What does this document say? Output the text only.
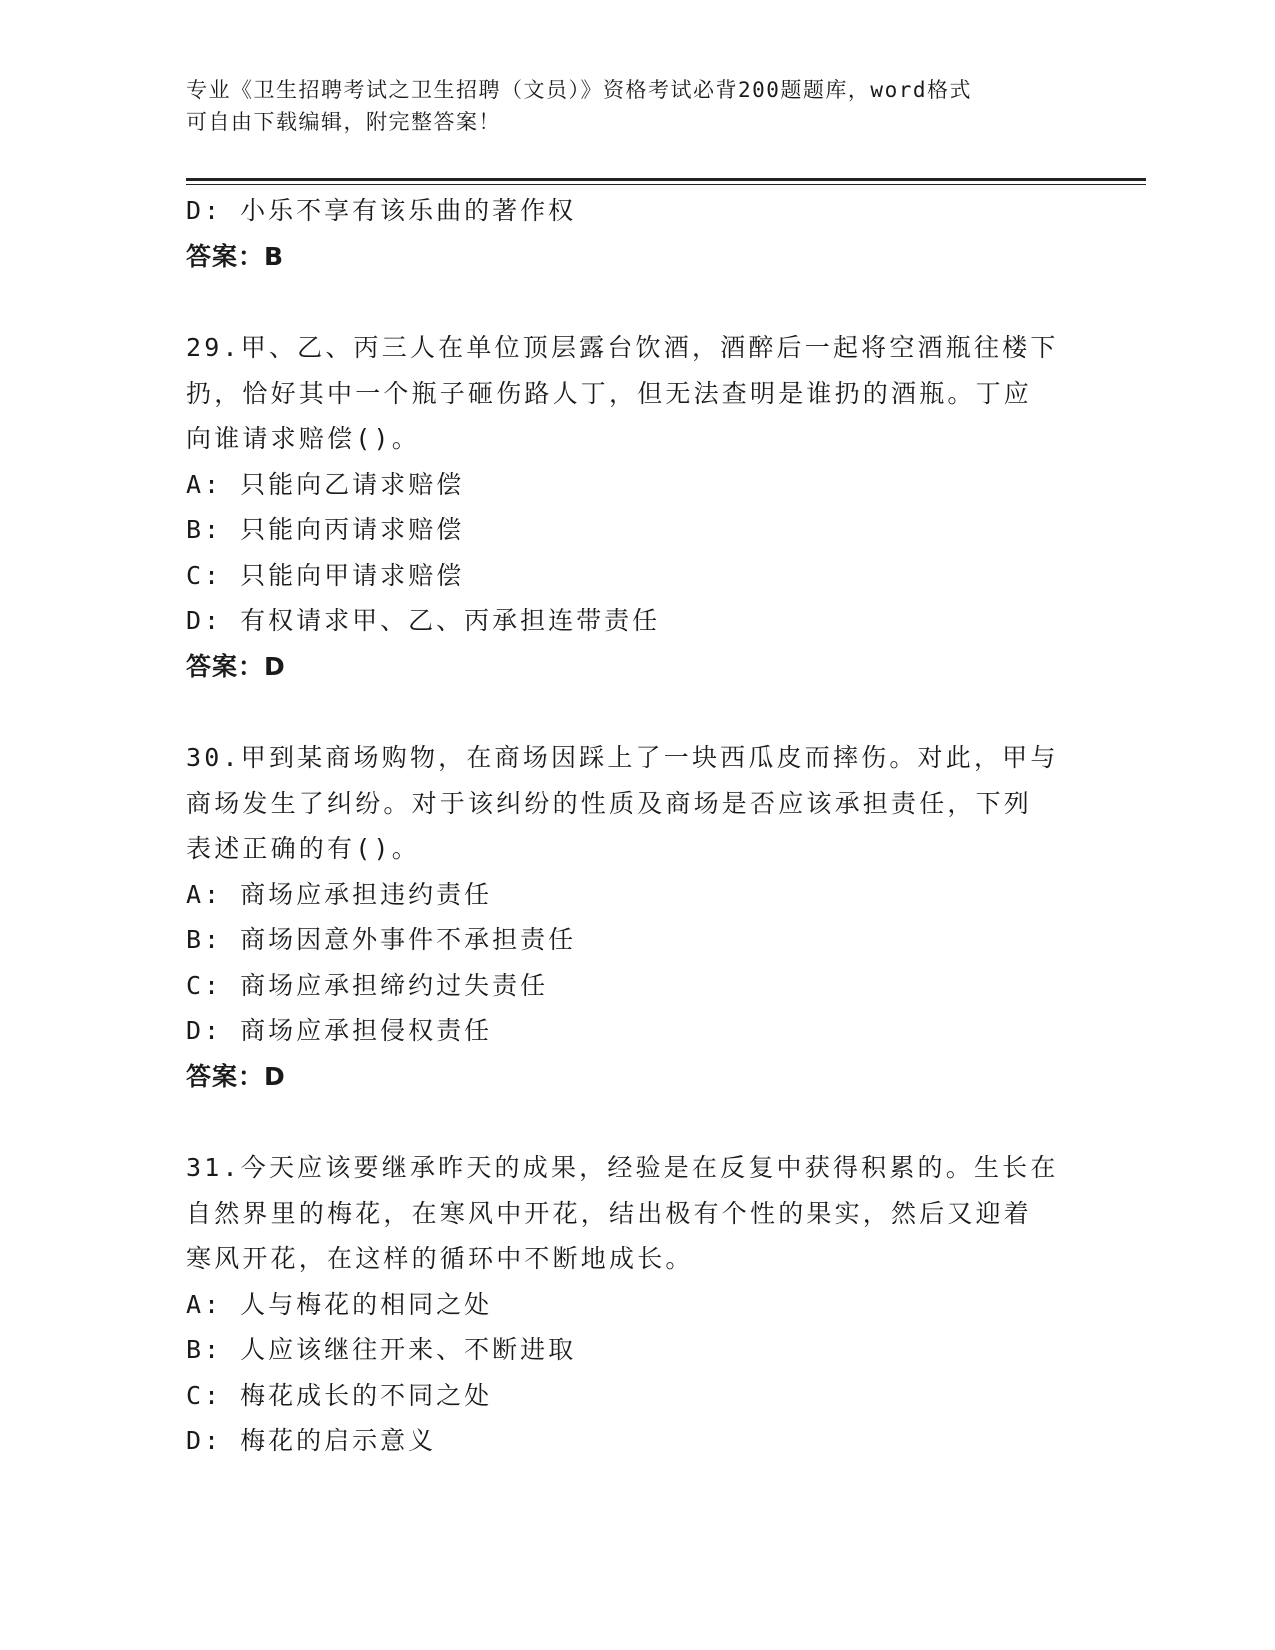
专业《卫生招聘考试之卫生招聘（文员）》资格考试必背200题题库，word格式
可自由下载编辑，附完整答案！
D: 小乐不享有该乐曲的著作权
答案：B
29.甲、乙、丙三人在单位顶层露台饮酒，酒醉后一起将空酒瓶往楼下
扔，恰好其中一个瓶子砸伤路人丁，但无法查明是谁扔的酒瓶。丁应
向谁请求赔偿()。
A: 只能向乙请求赔偿
B: 只能向丙请求赔偿
C: 只能向甲请求赔偿
D: 有权请求甲、乙、丙承担连带责任
答案：D
30.甲到某商场购物，在商场因踩上了一块西瓜皮而摔伤。对此，甲与
商场发生了纠纷。对于该纠纷的性质及商场是否应该承担责任，下列
表述正确的有()。
A: 商场应承担违约责任
B: 商场因意外事件不承担责任
C: 商场应承担缔约过失责任
D: 商场应承担侵权责任
答案：D
31.今天应该要继承昨天的成果，经验是在反复中获得积累的。生长在
自然界里的梅花，在寒风中开花，结出极有个性的果实，然后又迎着
寒风开花，在这样的循环中不断地成长。
A: 人与梅花的相同之处
B: 人应该继往开来、不断进取
C: 梅花成长的不同之处
D: 梅花的启示意义
